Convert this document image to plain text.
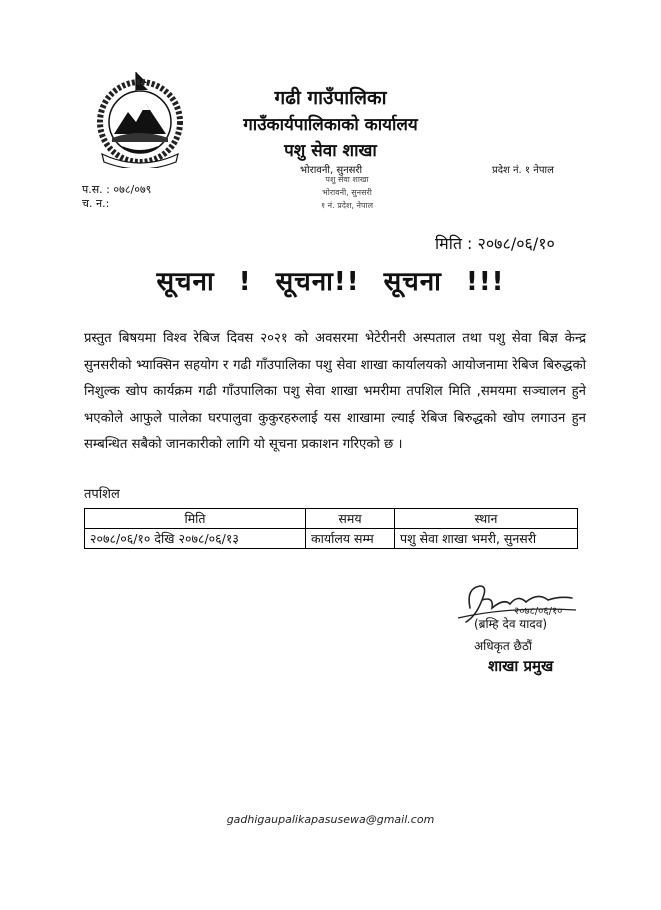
गढी गाउँपालिका
गाउँकार्यपालिकाको कार्यालय
पशु सेवा शाखा
भोरावनी, सुनसरी	प्रदेश नं. १ नेपाल
प.स. : ०७८/०७९
च. न.:
पशु सेवा शाखा
भोरावनी, सुनसरी
१ नं. प्रदेश, नेपाल
मिति : २०७८/०६/१०
सूचना ! सूचना!! सूचना !!!
प्रस्तुत बिषयमा विश्व रेबिज दिवस २०२१ को अवसरमा भेटेरीनरी अस्पताल तथा पशु सेवा बिज्ञ केन्द्र सुनसरीको भ्याक्सिन सहयोग र गढी गाँउपालिका पशु सेवा शाखा कार्यालयको आयोजनामा रेबिज बिरुद्धको निशुल्क खोप कार्यक्रम गढी गाँउपालिका पशु सेवा शाखा भमरीमा तपशिल मिति ,समयमा सञ्चालन हुने भएकोले आफुले पालेका घरपालुवा कुकुरहरुलाई यस शाखामा ल्याई रेबिज बिरुद्धको खोप लगाउन हुन सम्बन्धित सबैको जानकारीको लागि यो सूचना प्रकाशन गरिएको छ ।
तपशिल
मिति	समय	स्थान
२०७८/०६/१० देखि २०७८/०६/१३	कार्यालय सम्म	पशु सेवा शाखा भमरी, सुनसरी
२०७८/०६/१०
(ब्रम्हि देव यादव)
अधिकृत छैठौं
शाखा प्रमुख
gadhigaupalikapasusewa@gmail.com
